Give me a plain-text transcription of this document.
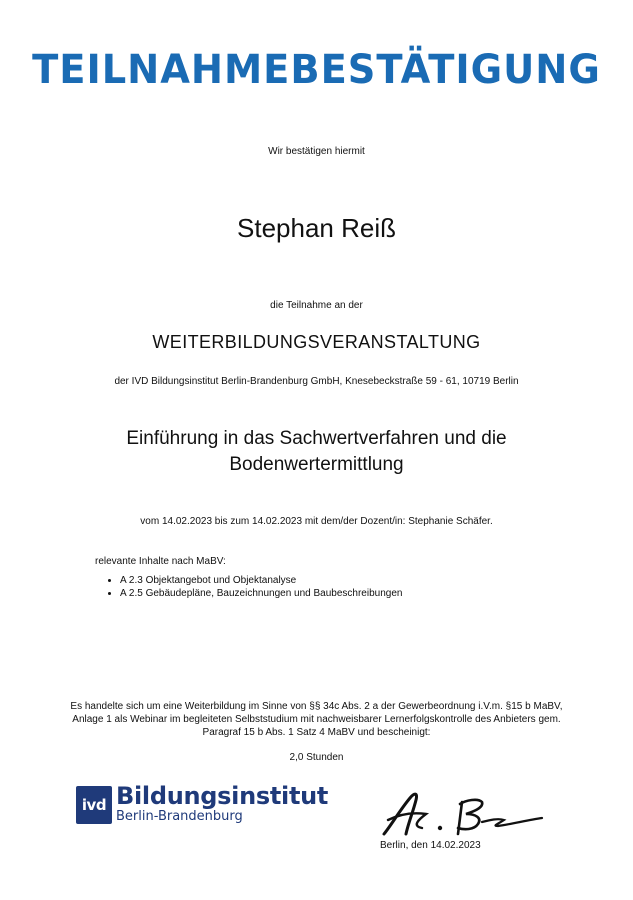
TEILNAHMEBESTÄTIGUNG
Wir bestätigen hiermit
Stephan Reiß
die Teilnahme an der
WEITERBILDUNGSVERANSTALTUNG
der IVD Bildungsinstitut Berlin-Brandenburg GmbH, Knesebeckstraße 59 - 61, 10719 Berlin
Einführung in das Sachwertverfahren und die
Bodenwertermittlung
vom 14.02.2023 bis zum 14.02.2023 mit dem/der Dozent/in: Stephanie Schäfer.
relevante Inhalte nach MaBV:
• A 2.3 Objektangebot und Objektanalyse
• A 2.5 Gebäudepläne, Bauzeichnungen und Baubeschreibungen
Es handelte sich um eine Weiterbildung im Sinne von §§ 34c Abs. 2 a der Gewerbeordnung i.V.m. §15 b MaBV,
Anlage 1 als Webinar im begleiteten Selbststudium mit nachweisbarer Lernerfolgskontrolle des Anbieters gem.
Paragraf 15 b Abs. 1 Satz 4 MaBV und bescheinigt:
2,0 Stunden
ivd Bildungsinstitut
Berlin-Brandenburg
Berlin, den 14.02.2023
